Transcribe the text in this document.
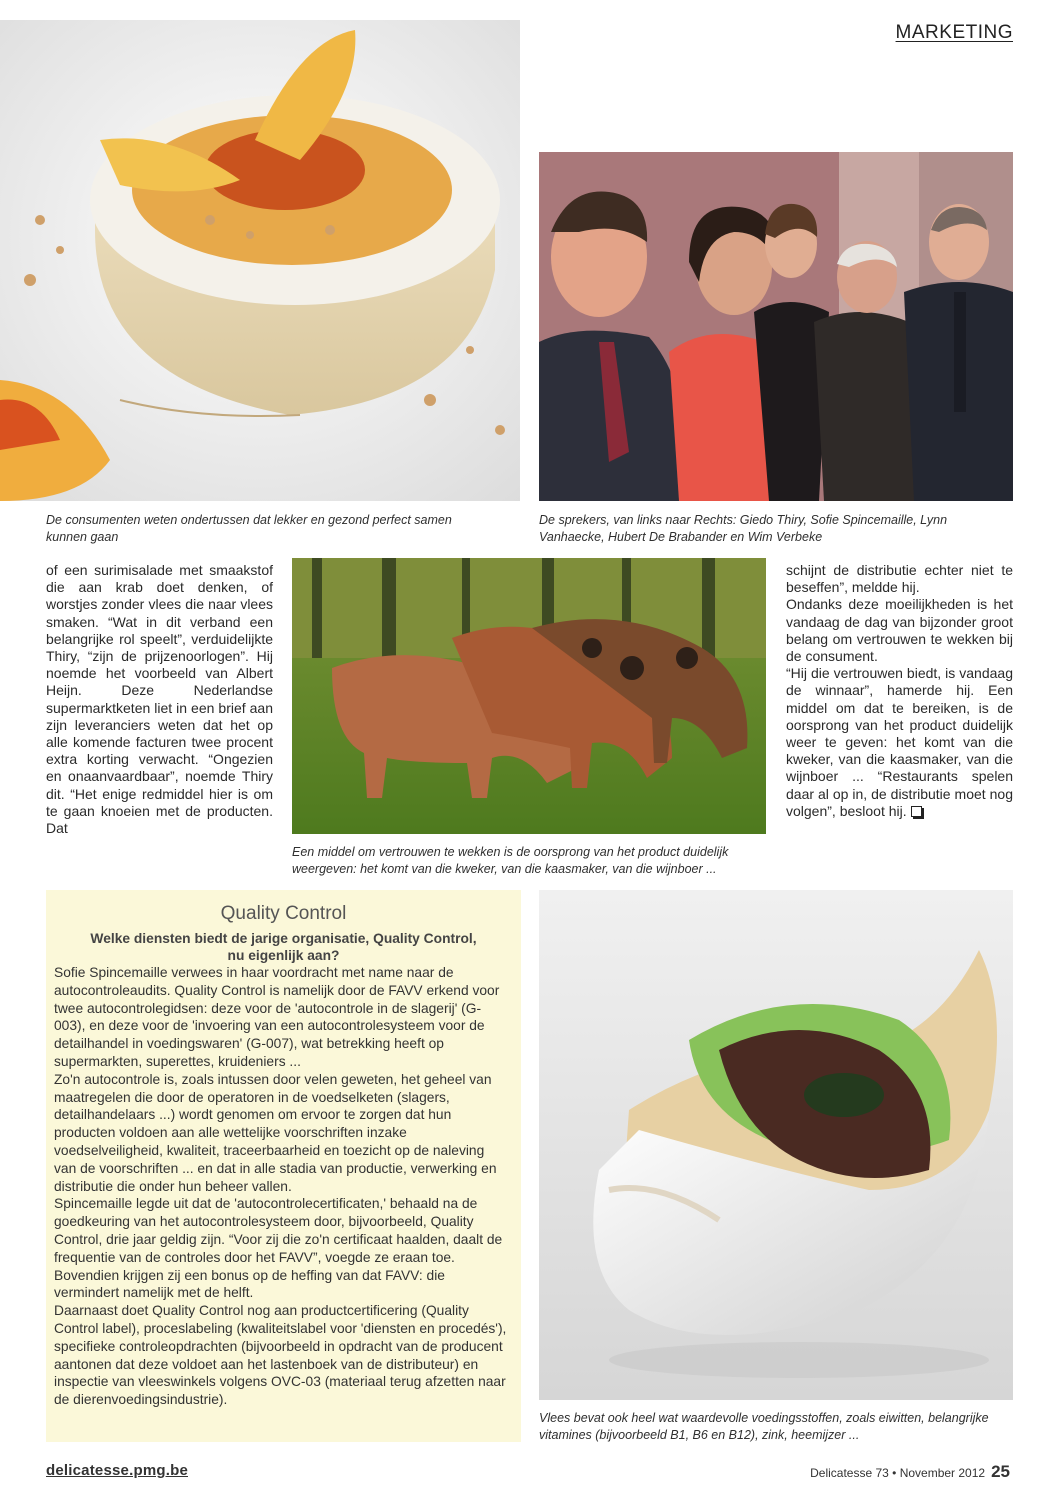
MARKETING
De consumenten weten ondertussen dat lekker en gezond perfect samen kunnen gaan
De sprekers, van links naar Rechts: Giedo Thiry, Sofie Spincemaille, Lynn Vanhaecke, Hubert De Brabander en Wim Verbeke

of een surimisalade met smaakstof die aan krab doet denken, of worstjes zonder vlees die naar vlees smaken. “Wat in dit verband een belangrijke rol speelt”, verduidelijkte Thiry, “zijn de prijzenoorlogen”. Hij noemde het voorbeeld van Albert Heijn. Deze Nederlandse supermarktketen liet in een brief aan zijn leveranciers weten dat het op alle komende facturen twee procent extra korting verwacht. “Ongezien en onaanvaardbaar”, noemde Thiry dit. “Het enige redmiddel hier is om te gaan knoeien met de producten. Dat

Een middel om vertrouwen te wekken is de oorsprong van het product duidelijk weergeven: het komt van die kweker, van die kaasmaker, van die wijnboer ...

schijnt de distributie echter niet te beseffen”, meldde hij.

Ondanks deze moeilijkheden is het vandaag de dag van bijzonder groot belang om vertrouwen te wekken bij de consument.

“Hij die vertrouwen biedt, is vandaag de winnaar”, hamerde hij. Een middel om dat te bereiken, is de oorsprong van het product duidelijk weer te geven: het komt van die kweker, van die kaasmaker, van die wijnboer ... “Restaurants spelen daar al op in, de distributie moet nog volgen”, besloot hij.

Quality Control
Welke diensten biedt de jarige organisatie, Quality Control, nu eigenlijk aan?

Sofie Spincemaille verwees in haar voordracht met name naar de autocontroleaudits. Quality Control is namelijk door de FAVV erkend voor twee autocontrolegidsen: deze voor de 'autocontrole in de slagerij' (G-003), en deze voor de 'invoering van een autocontrolesysteem voor de detailhandel in voedingswaren' (G-007), wat betrekking heeft op supermarkten, superettes, kruideniers ...

Zo'n autocontrole is, zoals intussen door velen geweten, het geheel van maatregelen die door de operatoren in de voedselketen (slagers, detailhandelaars ...) wordt genomen om ervoor te zorgen dat hun producten voldoen aan alle wettelijke voorschriften inzake voedselveiligheid, kwaliteit, traceerbaarheid en toezicht op de naleving van de voorschriften ... en dat in alle stadia van productie, verwerking en distributie die onder hun beheer vallen.

Spincemaille legde uit dat de 'autocontrolecertificaten,' behaald na de goedkeuring van het autocontrolesysteem door, bijvoorbeeld, Quality Control, drie jaar geldig zijn. “Voor zij die zo'n certificaat haalden, daalt de frequentie van de controles door het FAVV”, voegde ze eraan toe. Bovendien krijgen zij een bonus op de heffing van dat FAVV: die vermindert namelijk met de helft.

Daarnaast doet Quality Control nog aan productcertificering (Quality Control label), proceslabeling (kwaliteitslabel voor 'diensten en procedés'), specifieke controleopdrachten (bijvoorbeeld in opdracht van de producent aantonen dat deze voldoet aan het lastenboek van de distributeur) en inspectie van vleeswinkels volgens OVC-03 (materiaal terug afzetten naar de dierenvoedingsindustrie).

Vlees bevat ook heel wat waardevolle voedingsstoffen, zoals eiwitten, belangrijke vitamines (bijvoorbeeld B1, B6 en B12), zink, heemijzer ...
delicatesse.pmg.be	Delicatesse 73 • November 2012 25
